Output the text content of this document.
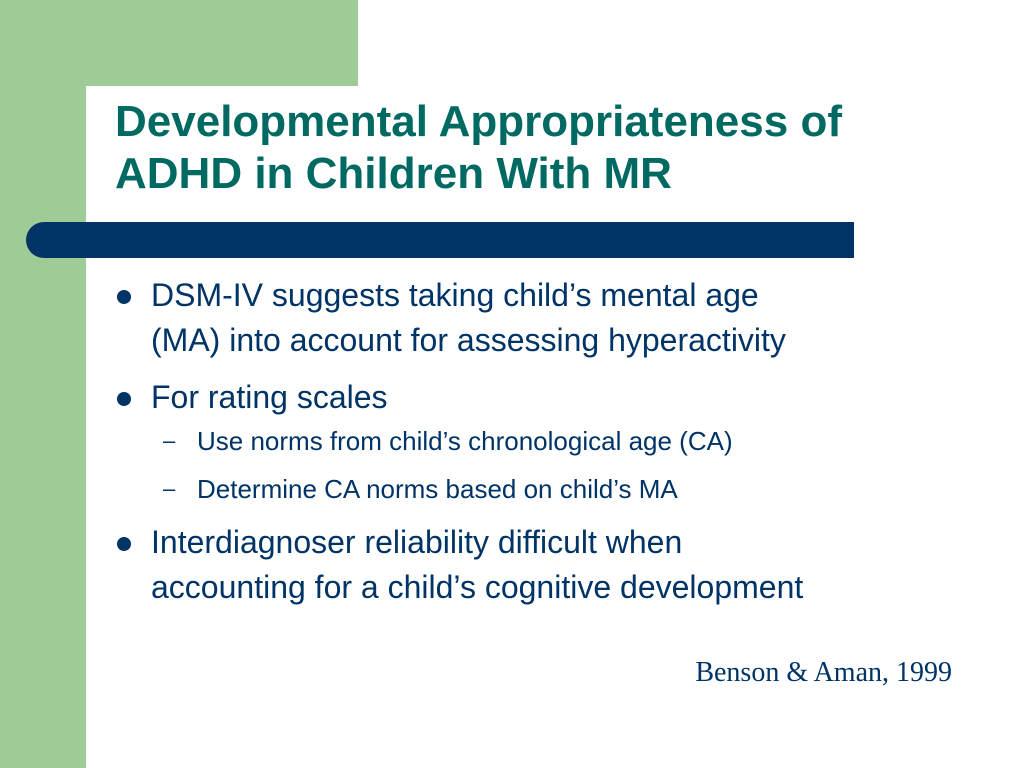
Developmental Appropriateness of
ADHD in Children With MR
DSM-IV suggests taking child’s mental age
(MA) into account for assessing hyperactivity
For rating scales
– Use norms from child’s chronological age (CA)
– Determine CA norms based on child’s MA
Interdiagnoser reliability difficult when
accounting for a child’s cognitive development
Benson & Aman, 1999
